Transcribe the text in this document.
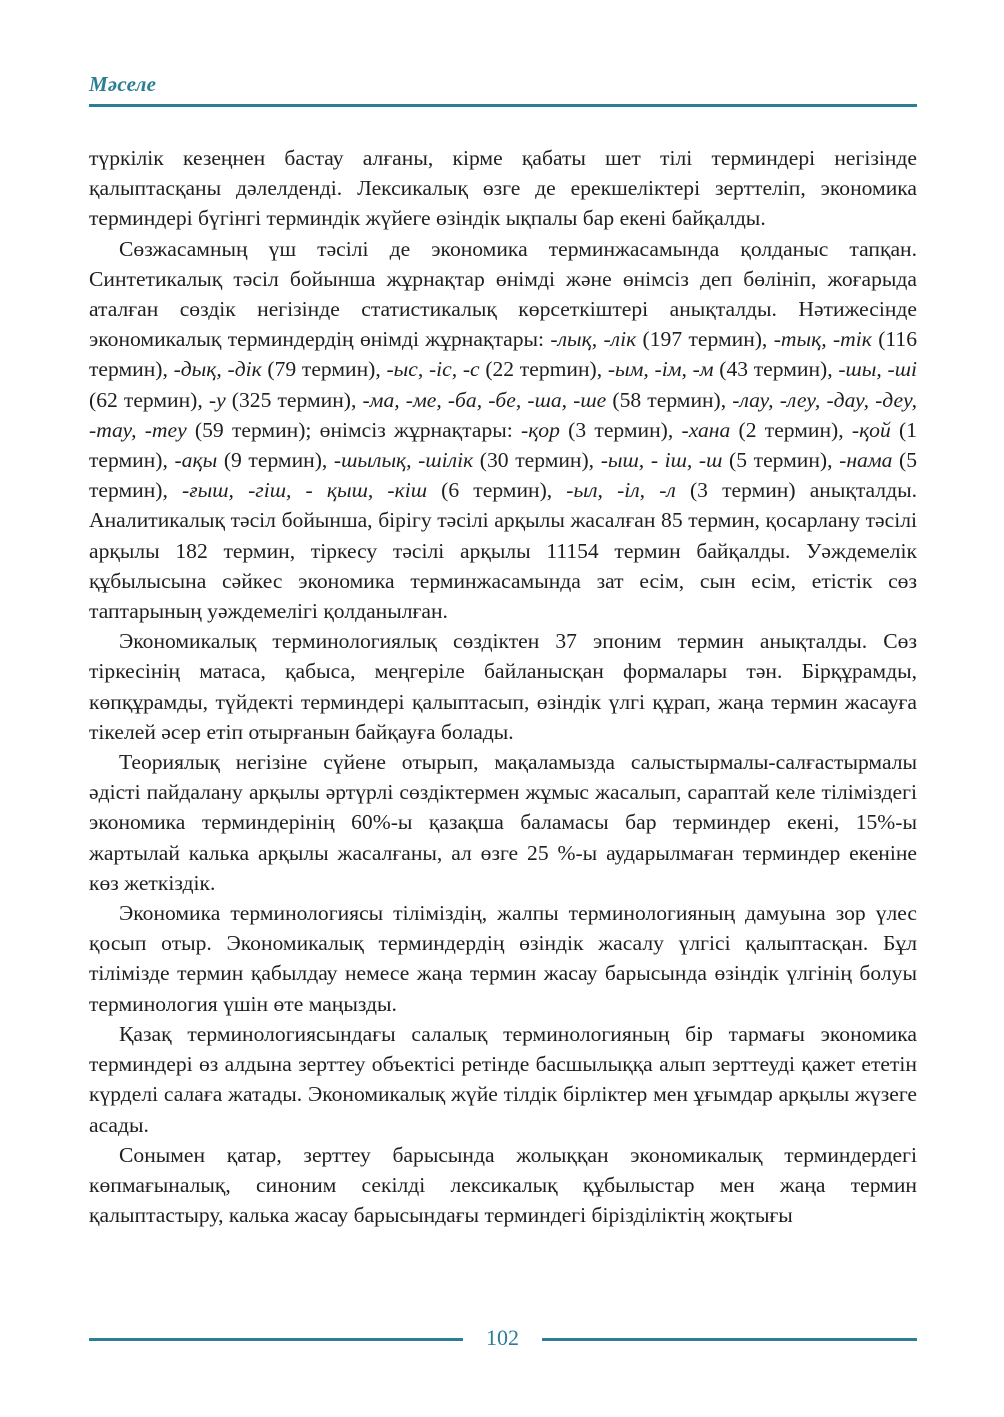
Мәселе

түркілік кезеңнен бастау алғаны, кірме қабаты шет тілі терминдері негізінде қалыптасқаны дәлелденді. Лексикалық өзге де ерекшеліктері зерттеліп, экономика терминдері бүгінгі терминдік жүйеге өзіндік ықпалы бар екені байқалды.

Сөзжасамның үш тәсілі де экономика терминжасамында қолданыс тапқан. Синтетикалық тәсіл бойынша жұрнақтар өнімді және өнімсіз деп бөлініп, жоғарыда аталған сөздік негізінде статистикалық көрсеткіштері анықталды. Нәтижесінде экономикалық терминдердің өнімді жұрнақтары: -лық, -лік (197 термин), -тық, -тік (116 термин), -дық, -дік (79 термин), -ыс, -іс, -с (22 терmин), -ым, -ім, -м (43 термин), -шы, -ші (62 термин), -у (325 термин), -ма, -ме, -ба, -бе, -ша, -ше (58 термин), -лау, -леу, -дау, -деу, -тау, -теу (59 термин); өнімсіз жұрнақтары: -қор (3 термин), -хана (2 термин), -қой (1 термин), -ақы (9 термин), -шылық, -шілік (30 термин), -ыш, - іш, -ш (5 термин), -нама (5 термин), -ғыш, -гіш, - қыш, -кіш (6 термин), -ыл, -іл, -л (3 термин) анықталды. Аналитикалық тәсіл бойынша, бірігу тәсілі арқылы жасалған 85 термин, қосарлану тәсілі арқылы 182 термин, тіркесу тәсілі арқылы 11154 термин байқалды. Уәждемелік құбылысына сәйкес экономика терминжасамында зат есім, сын есім, етістік сөз таптарының уәждемелігі қолданылған.

Экономикалық терминологиялық сөздіктен 37 эпоним термин анықталды. Сөз тіркесінің матаса, қабыса, меңгеріле байланысқан формалары тән. Бірқұрамды, көпқұрамды, түйдекті терминдері қалыптасып, өзіндік үлгі құрап, жаңа термин жасауға тікелей әсер етіп отырғанын байқауға болады.

Теориялық негізіне сүйене отырып, мақаламызда салыстырмалы-салғастырмалы әдісті пайдалану арқылы әртүрлі сөздіктермен жұмыс жасалып, сараптай келе тіліміздегі экономика терминдерінің 60%-ы қазақша баламасы бар терминдер екені, 15%-ы жартылай калька арқылы жасалғаны, ал өзге 25 %-ы аударылмаған терминдер екеніне көз жеткіздік.

Экономика терминологиясы тіліміздің, жалпы терминологияның дамуына зор үлес қосып отыр. Экономикалық терминдердің өзіндік жасалу үлгісі қалыптасқан. Бұл тілімізде термин қабылдау немесе жаңа термин жасау барысында өзіндік үлгінің болуы терминология үшін өте маңызды.

Қазақ терминологиясындағы салалық терминологияның бір тармағы экономика терминдері өз алдына зерттеу объектісі ретінде басшылыққа алып зерттеуді қажет ететін күрделі салаға жатады. Экономикалық жүйе тілдік бірліктер мен ұғымдар арқылы жүзеге асады.

Сонымен қатар, зерттеу барысында жолыққан экономикалық терминдердегі көпмағыналық, синоним секілді лексикалық құбылыстар мен жаңа термин қалыптастыру, калька жасау барысындағы терминдегі бірізділіктің жоқтығы

102
